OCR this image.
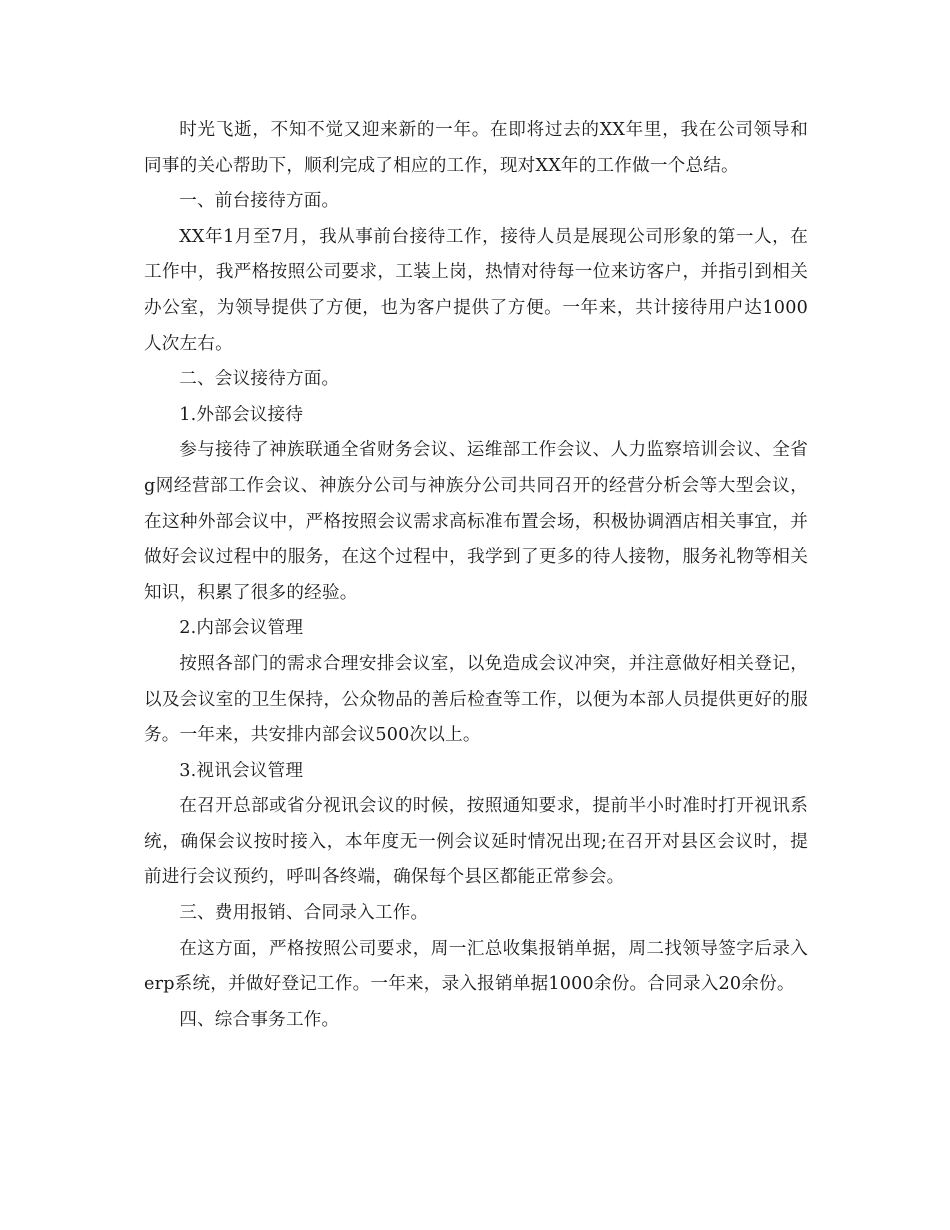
时光飞逝，不知不觉又迎来新的一年。在即将过去的XX年里，我在公司领导和同事的关心帮助下，顺利完成了相应的工作，现对XX年的工作做一个总结。

一、前台接待方面。

XX年1月至7月，我从事前台接待工作，接待人员是展现公司形象的第一人，在工作中，我严格按照公司要求，工装上岗，热情对待每一位来访客户，并指引到相关办公室，为领导提供了方便，也为客户提供了方便。一年来，共计接待用户达1000人次左右。

二、会议接待方面。

1.外部会议接待

参与接待了神族联通全省财务会议、运维部工作会议、人力监察培训会议、全省g网经营部工作会议、神族分公司与神族分公司共同召开的经营分析会等大型会议，在这种外部会议中，严格按照会议需求高标准布置会场，积极协调酒店相关事宜，并做好会议过程中的服务，在这个过程中，我学到了更多的待人接物，服务礼物等相关知识，积累了很多的经验。

2.内部会议管理

按照各部门的需求合理安排会议室，以免造成会议冲突，并注意做好相关登记，以及会议室的卫生保持，公众物品的善后检查等工作，以便为本部人员提供更好的服务。一年来，共安排内部会议500次以上。

3.视讯会议管理

在召开总部或省分视讯会议的时候，按照通知要求，提前半小时准时打开视讯系统，确保会议按时接入，本年度无一例会议延时情况出现;在召开对县区会议时，提前进行会议预约，呼叫各终端，确保每个县区都能正常参会。

三、费用报销、合同录入工作。

在这方面，严格按照公司要求，周一汇总收集报销单据，周二找领导签字后录入erp系统，并做好登记工作。一年来，录入报销单据1000余份。合同录入20余份。

四、综合事务工作。
